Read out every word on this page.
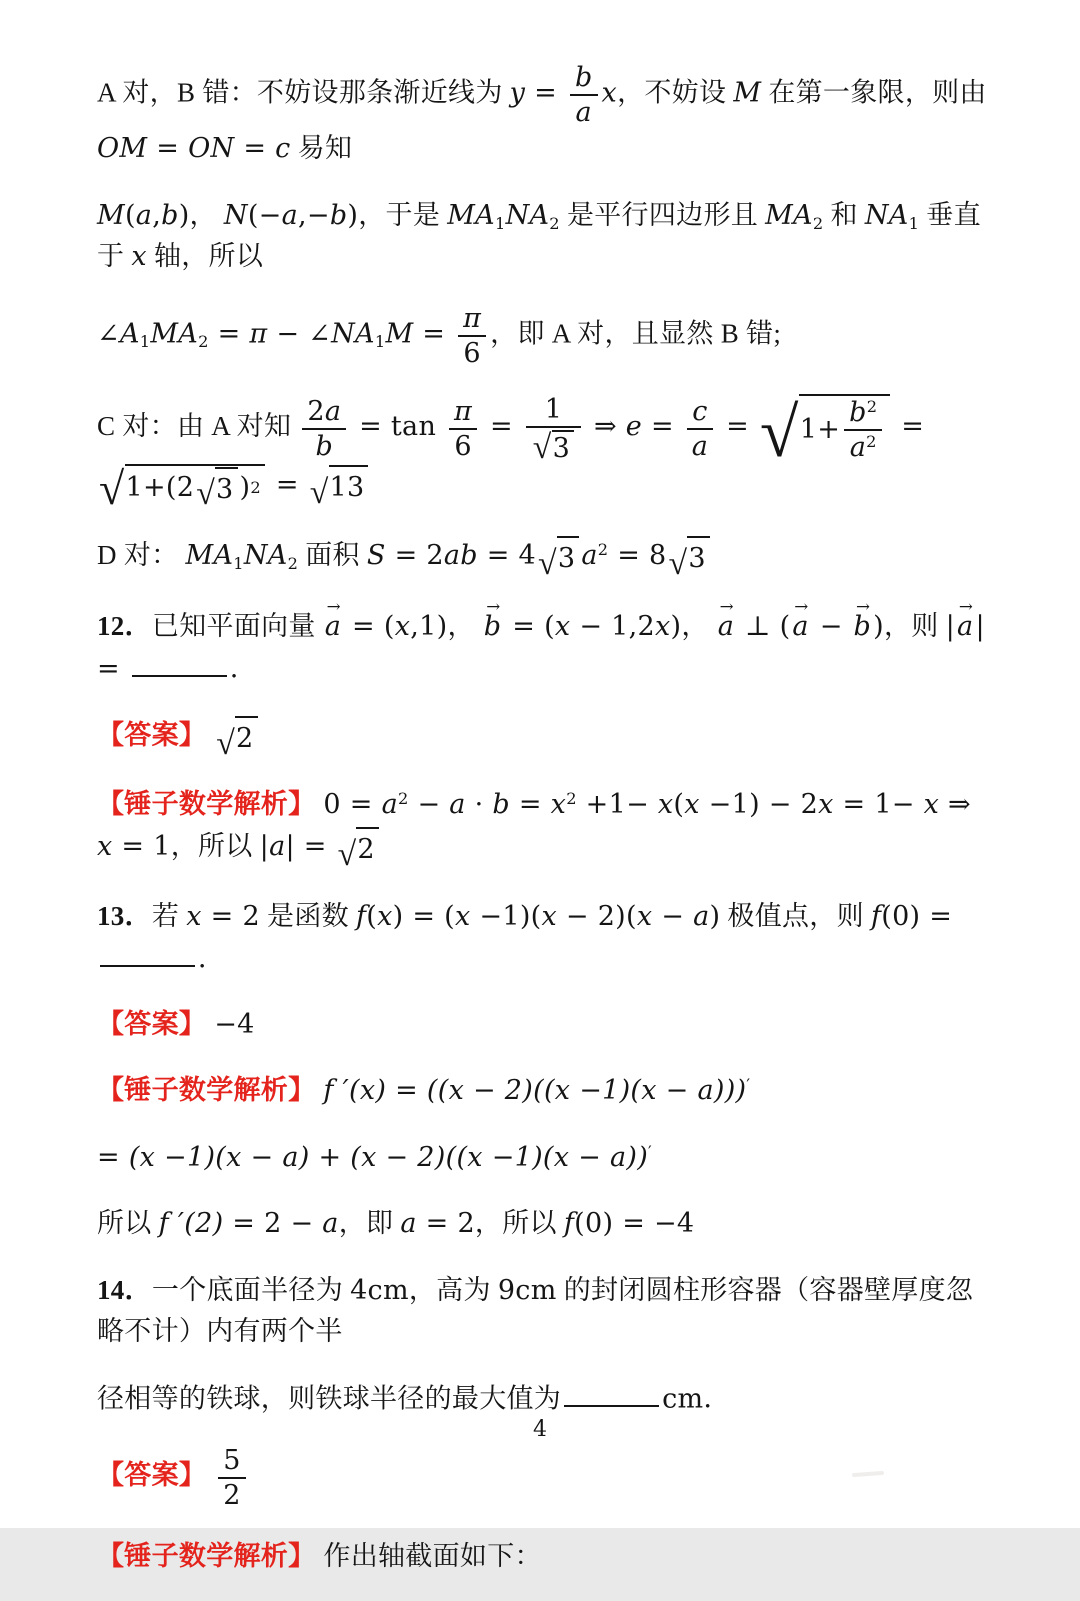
A 对，B 错：不妨设那条渐近线为 $y = \frac{b}{a}$ x，不妨设 M 在第一象限，则由 OM = ON = c 易知
M(a,b)， N(−a,−b)，于是 $MA_1NA_2$ 是平行四边形且 $MA_2$ 和 $NA_1$ 垂直于 x 轴，所以
$\angle A_1MA_2 = \pi$ − $\angle NA_1M = \frac{\pi}{6}$ ，即 A 对，且显然 B 错;
C 对：由 A 对知 $\frac{2a}{b} = \tan \frac{\pi}{6} = \frac{1}{√ 3}$ ⇒ $e = \frac{c}{a}$ = √ $1+ \frac{b^2}{a^2}$ =
√ 1+(2 √ 3 ) 2 = √ 13
D 对： $MA_1NA_2$ 面积 S = 2ab = 4 √ 3 $a^2 = 8$ √ 3
12．已知平面向量
→
a = (x,1)，
→
b = (x − 1,2x)，
→
a ⊥ (
→
a −
→
b)，则 |
→
a| =	．
【答案】 √ 2
【锤子数学解析】 $0 = a^2 - a \cdot b = x^2 +1- x(x -1) - 2x = 1- x$ ⇒ x = 1，所以 |a| = √ 2
13．若 x = 2 是函数 f(x) = (x −1)(x − 2)(x − a) 极值点，则 f(0) = ．
【答案】 −4
【锤子数学解析】 f ′(x) = ((x − 2)((x −1)(x − a)))′
= (x −1)(x − a) + (x − 2)((x −1)(x − a))′
所以 f ′(2) = 2 − a，即 a = 2，所以 f(0) = −4
14．一个底面半径为 4cm，高为 9cm 的封闭圆柱形容器（容器壁厚度忽略不计）内有两个半
径相等的铁球，则铁球半径的最大值为	cm．
【答案】 $\frac{5}{2}$
【锤子数学解析】 作出轴截面如下：
4
